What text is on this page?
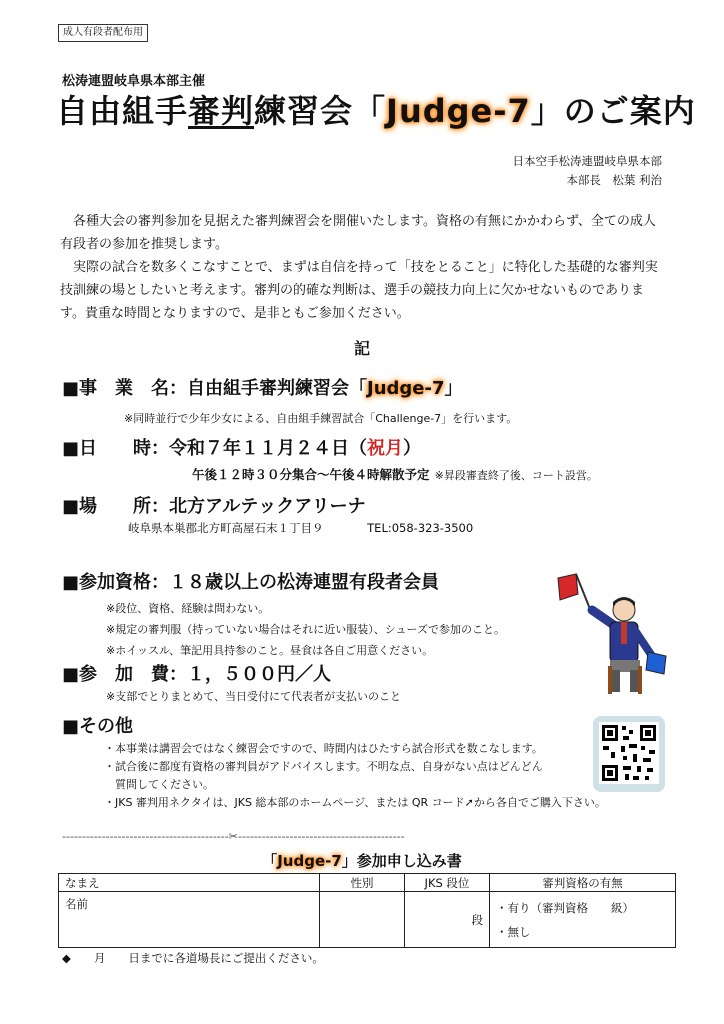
成人有段者配布用
松涛連盟岐阜県本部主催
自由組手審判練習会「Judge-7」のご案内
日本空手松涛連盟岐阜県本部
本部長　松葉 利治

各種大会の審判参加を見据えた審判練習会を開催いたします。資格の有無にかかわらず、全ての成人有段者の参加を推奨します。

実際の試合を数多くこなすことで、まずは自信を持って「技をとること」に特化した基礎的な審判実技訓練の場としたいと考えます。審判の的確な判断は、選手の競技力向上に欠かせないものであります。貴重な時間となりますので、是非ともご参加ください。

記
■事　業　名：自由組手審判練習会「Judge-7」
※同時並行で少年少女による、自由組手練習試合「Challenge-7」を行います。
■日　　時：令和７年１１月２４日（祝月）
午後１２時３０分集合～午後４時解散予定 ※昇段審査終了後、コート設営。
■場　　所：北方アルテックアリーナ
岐阜県本巣郡北方町高屋石末１丁目９	TEL:058-323-3500
■参加資格：１８歳以上の松涛連盟有段者会員
※段位、資格、経験は問わない。
※規定の審判服（持っていない場合はそれに近い服装）、シューズで参加のこと。
※ホイッスル、筆記用具持参のこと。昼食は各自ご用意ください。
■参　加　費：１，５００円／人
※支部でとりまとめて、当日受付にて代表者が支払いのこと
■その他
・本事業は講習会ではなく練習会ですので、時間内はひたすら試合形式を数こなします。
・試合後に都度有資格の審判員がアドバイスします。不明な点、自身がない点はどんどん
　質問してください。
・JKS 審判用ネクタイは、JKS 総本部のホームページ、または QR コード➚から各自でご購入下さい。
------------------------------------------✂------------------------------------------
「Judge-7」参加申し込み書
なまえ	性別	JKS 段位	審判資格の有無
名前		段	・有り（審判資格　　級）
・無し
◆　　月　　日までに各道場長にご提出ください。
